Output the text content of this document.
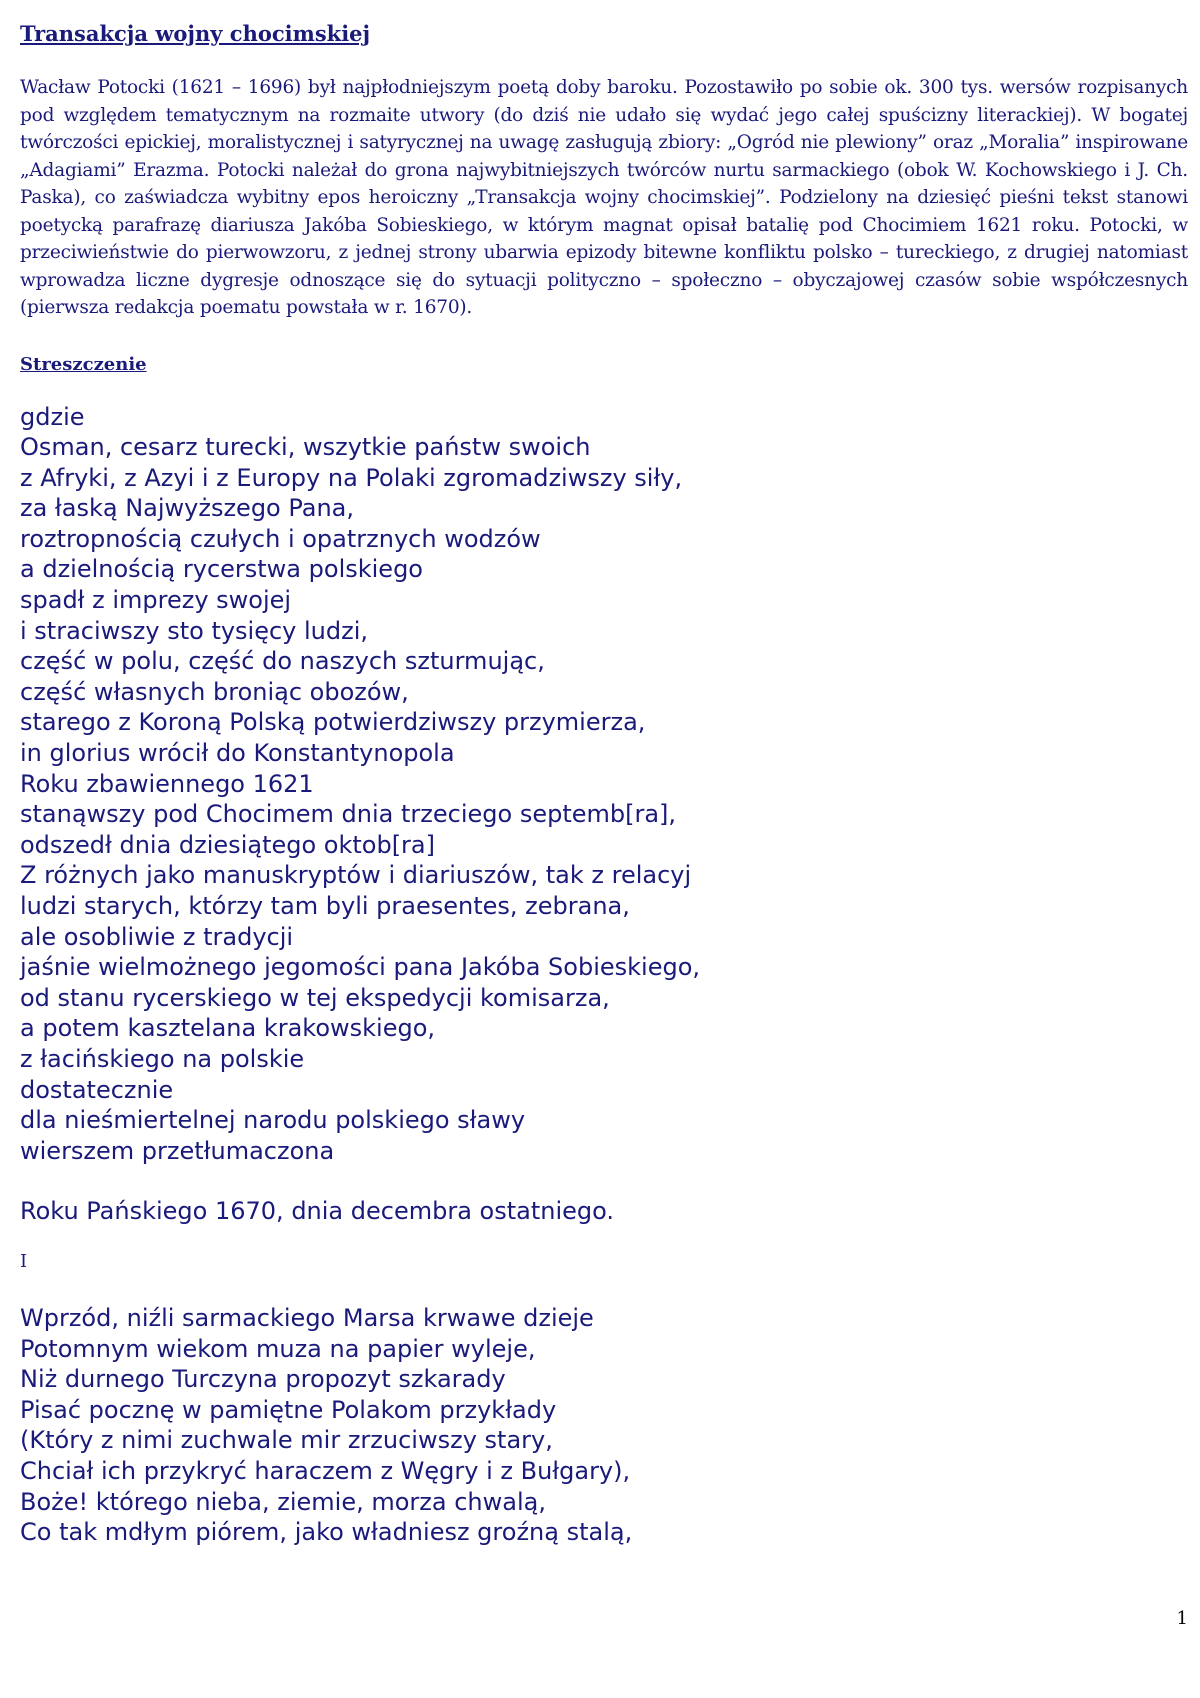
Transakcja wojny chocimskiej

Wacław Potocki (1621 – 1696) był najpłodniejszym poetą doby baroku. Pozostawiło po sobie ok. 300 tys. wersów rozpisanych pod względem tematycznym na rozmaite utwory (do dziś nie udało się wydać jego całej spuścizny literackiej). W bogatej twórczości epickiej, moralistycznej i satyrycznej na uwagę zasługują zbiory: „Ogród nie plewiony” oraz „Moralia” inspirowane „Adagiami” Erazma. Potocki należał do grona najwybitniejszych twórców nurtu sarmackiego (obok W. Kochowskiego i J. Ch. Paska), co zaświadcza wybitny epos heroiczny „Transakcja wojny chocimskiej”. Podzielony na dziesięć pieśni tekst stanowi poetycką parafrazę diariusza Jakóba Sobieskiego, w którym magnat opisał batalię pod Chocimiem 1621 roku. Potocki, w przeciwieństwie do pierwowzoru, z jednej strony ubarwia epizody bitewne konfliktu polsko – tureckiego, z drugiej natomiast wprowadza liczne dygresje odnoszące się do sytuacji polityczno – społeczno – obyczajowej czasów sobie współczesnych (pierwsza redakcja poematu powstała w r. 1670).

Streszczenie
gdzie
Osman, cesarz turecki, wszytkie państw swoich
z Afryki, z Azyi i z Europy na Polaki zgromadziwszy siły,
za łaską Najwyższego Pana,
roztropnością czułych i opatrznych wodzów
a dzielnością rycerstwa polskiego
spadł z imprezy swojej
i straciwszy sto tysięcy ludzi,
część w polu, część do naszych szturmując,
część własnych broniąc obozów,
starego z Koroną Polską potwierdziwszy przymierza,
in glorius wrócił do Konstantynopola
Roku zbawiennego 1621
stanąwszy pod Chocimem dnia trzeciego septemb[ra],
odszedł dnia dziesiątego oktob[ra]
Z różnych jako manuskryptów i diariuszów, tak z relacyj
ludzi starych, którzy tam byli praesentes, zebrana,
ale osobliwie z tradycji
jaśnie wielmożnego jegomości pana Jakóba Sobieskiego,
od stanu rycerskiego w tej ekspedycji komisarza,
a potem kasztelana krakowskiego,
z łacińskiego na polskie
dostatecznie
dla nieśmiertelnej narodu polskiego sławy
wierszem przetłumaczona
Roku Pańskiego 1670, dnia decembra ostatniego.
I
Wprzód, niźli sarmackiego Marsa krwawe dzieje
Potomnym wiekom muza na papier wyleje,
Niż durnego Turczyna propozyt szkarady
Pisać pocznę w pamiętne Polakom przykłady
(Który z nimi zuchwale mir zrzuciwszy stary,
Chciał ich przykryć haraczem z Węgry i z Bułgary),
Boże! którego nieba, ziemie, morza chwalą,
Co tak mdłym piórem, jako władniesz groźną stalą,
1
